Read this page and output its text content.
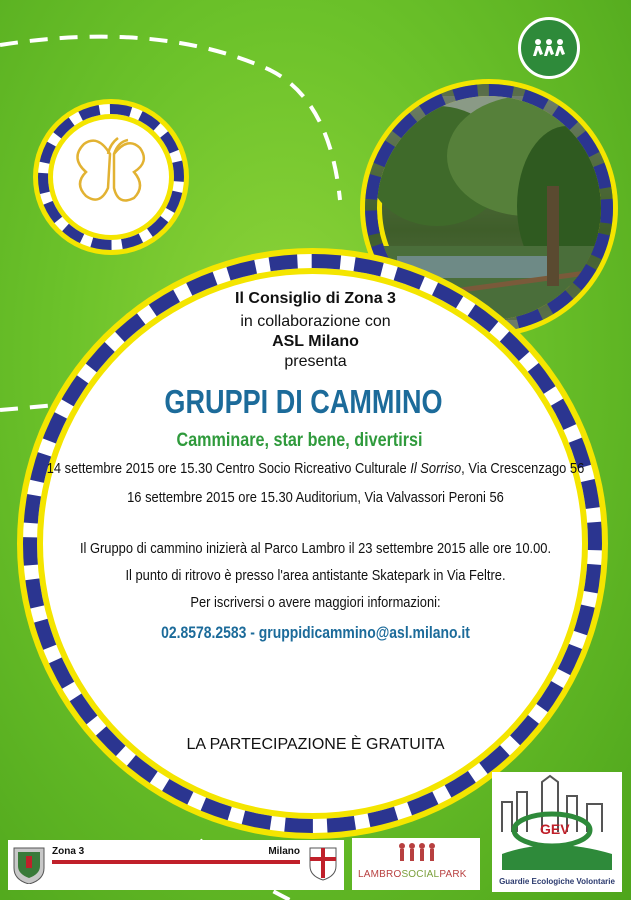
Il Consiglio di Zona 3
in collaborazione con
ASL Milano
presenta
GRUPPI DI CAMMINO
Camminare, star bene, divertirsi
14 settembre 2015 ore 15.30 Centro Socio Ricreativo Culturale Il Sorriso, Via Crescenzago 56
16 settembre 2015 ore 15.30 Auditorium, Via Valvassori Peroni 56
Il Gruppo di cammino inizierà al Parco Lambro il 23 settembre 2015 alle ore 10.00.
Il punto di ritrovo è presso l'area antistante Skatepark in Via Feltre.
Per iscriversi o avere maggiori informazioni:
02.8578.2583 - gruppidicammino@asl.milano.it
LA PARTECIPAZIONE È GRATUITA
Zona 3	Milano
LAMBROSOCIALPARK
GEV
Guardie Ecologiche Volontarie
